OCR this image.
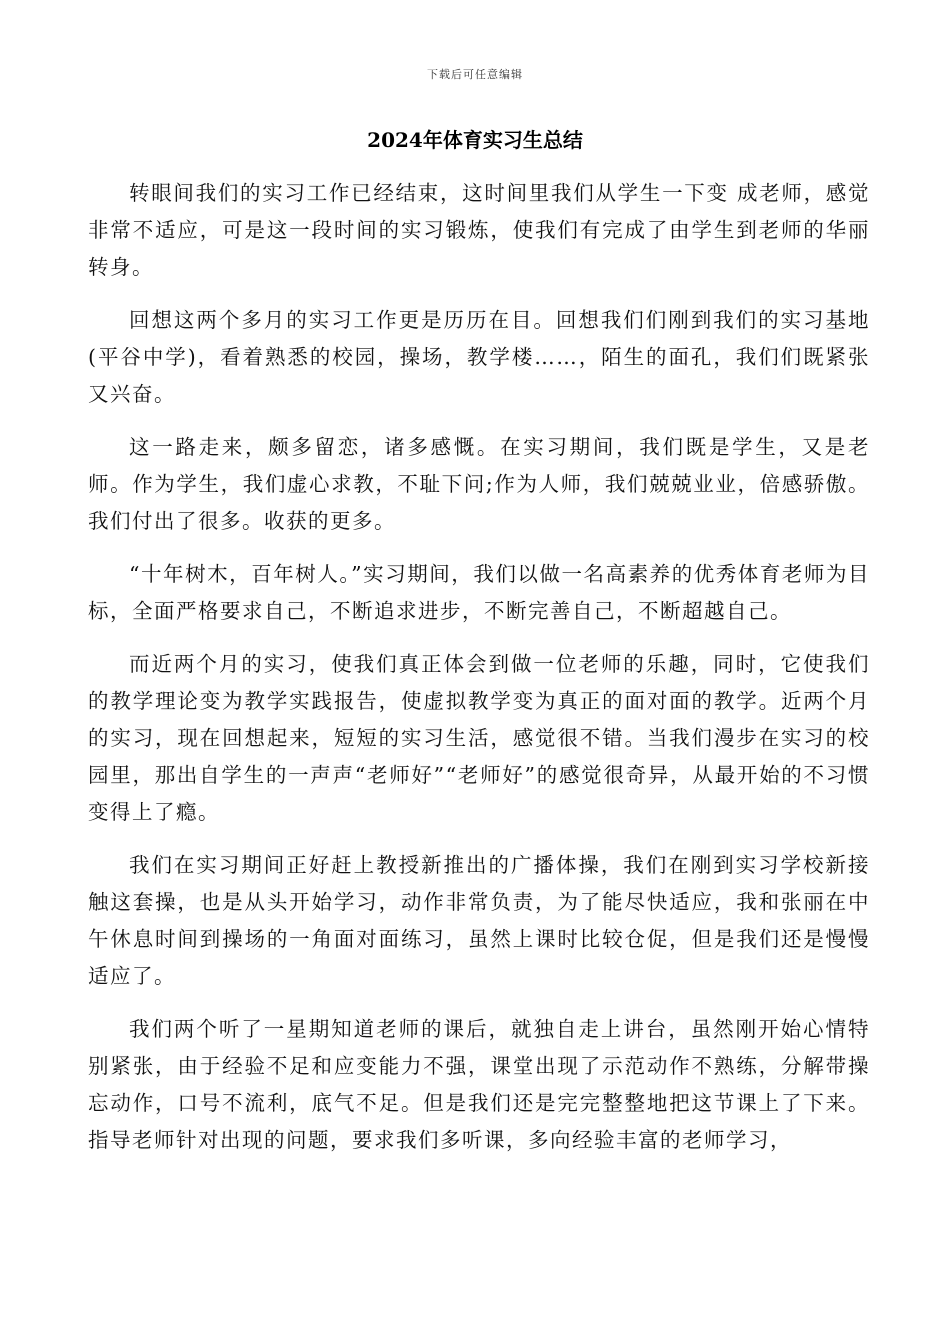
下载后可任意编辑
2024年体育实习生总结

转眼间我们的实习工作已经结束，这时间里我们从学生一下变 成老师，感觉非常不适应，可是这一段时间的实习锻炼，使我们有完成了由学生到老师的华丽转身。

回想这两个多月的实习工作更是历历在目。回想我们们刚到我们的实习基地(平谷中学)，看着熟悉的校园，操场，教学楼……，陌生的面孔，我们们既紧张又兴奋。

这一路走来，颇多留恋，诸多感慨。在实习期间，我们既是学生，又是老师。作为学生，我们虚心求教，不耻下问;作为人师，我们兢兢业业，倍感骄傲。我们付出了很多。收获的更多。

“十年树木，百年树人。”实习期间，我们以做一名高素养的优秀体育老师为目标，全面严格要求自己，不断追求进步，不断完善自己，不断超越自己。

而近两个月的实习，使我们真正体会到做一位老师的乐趣，同时，它使我们的教学理论变为教学实践报告，使虚拟教学变为真正的面对面的教学。近两个月的实习，现在回想起来，短短的实习生活，感觉很不错。当我们漫步在实习的校园里，那出自学生的一声声“老师好”“老师好”的感觉很奇异，从最开始的不习惯变得上了瘾。

我们在实习期间正好赶上教授新推出的广播体操，我们在刚到实习学校新接触这套操，也是从头开始学习，动作非常负责，为了能尽快适应，我和张丽在中午休息时间到操场的一角面对面练习，虽然上课时比较仓促，但是我们还是慢慢适应了。

我们两个听了一星期知道老师的课后，就独自走上讲台，虽然刚开始心情特别紧张，由于经验不足和应变能力不强，课堂出现了示范动作不熟练，分解带操忘动作，口号不流利，底气不足。但是我们还是完完整整地把这节课上了下来。指导老师针对出现的问题，要求我们多听课，多向经验丰富的老师学习，
